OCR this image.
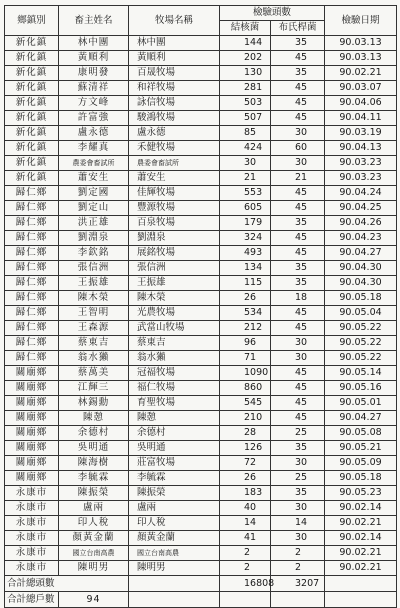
鄉鎮別	畜主姓名	牧場名稱	檢驗頭數		檢驗日期
			結核菌	布氏桿菌	
新化鎮	林中團	林中團	144	35	90.03.13
新化鎮	黃順利	黃順利	202	45	90.03.13
新化鎮	康明發	百晟牧場	130	35	90.02.21
新化鎮	蘇清祥	和祥牧場	281	45	90.03.07
新化鎮	方文峰	詠信牧場	503	45	90.04.06
新化鎮	許富強	駿鴻牧場	507	45	90.04.11
新化鎮	盧永德	盧永德	85	30	90.03.19
新化鎮	李耀真	禾健牧場	424	60	90.04.13
新化鎮	農委會畜試所	農委會畜試所	30	30	90.03.23
新化鎮	蕭安生	蕭安生	21	21	90.03.23
歸仁鄉	劉定國	佳輝牧場	553	45	90.04.24
歸仁鄉	劉定山	豐源牧場	605	45	90.04.25
歸仁鄉	洪正雄	百泉牧場	179	35	90.04.26
歸仁鄉	劉淵泉	劉淵泉	324	45	90.04.23
歸仁鄉	李欽銘	展銘牧場	493	45	90.04.27
歸仁鄉	張信洲	張信洲	134	35	90.04.30
歸仁鄉	王振雄	王振雄	115	35	90.04.30
歸仁鄉	陳木榮	陳木榮	26	18	90.05.18
歸仁鄉	王智明	光農牧場	534	45	90.05.04
歸仁鄉	王森源	武當山牧場	212	45	90.05.22
歸仁鄉	蔡東吉	蔡東吉	96	30	90.05.22
歸仁鄉	翁水獺	翁水獺	71	30	90.05.22
關廟鄉	蔡萬美	冠福牧場	1090	45	90.05.14
關廟鄉	江輝三	福仁牧場	860	45	90.05.16
關廟鄉	林錫勳	育聖牧場	545	45	90.05.01
關廟鄉	陳憩	陳憩	210	45	90.04.27
關廟鄉	余德村	余德村	28	25	90.05.08
關廟鄉	吳明通	吳明通	126	35	90.05.21
關廟鄉	陳海樹	莊富牧場	72	30	90.05.09
關廟鄉	李毓霖	李毓霖	26	25	90.05.18
永康市	陳振榮	陳振榮	183	35	90.05.23
永康市	盧兩	盧兩	40	30	90.02.14
永康市	印人稅	印人稅	14	14	90.02.21
永康市	顏黃金蘭	顏黃金蘭	41	30	90.02.14
永康市	國立台南高農	國立台南高農	2	2	90.02.21
永康市	陳明男	陳明男	2	2	90.02.21
合計總頭數			16808	3207	
合計總戶數	94				
